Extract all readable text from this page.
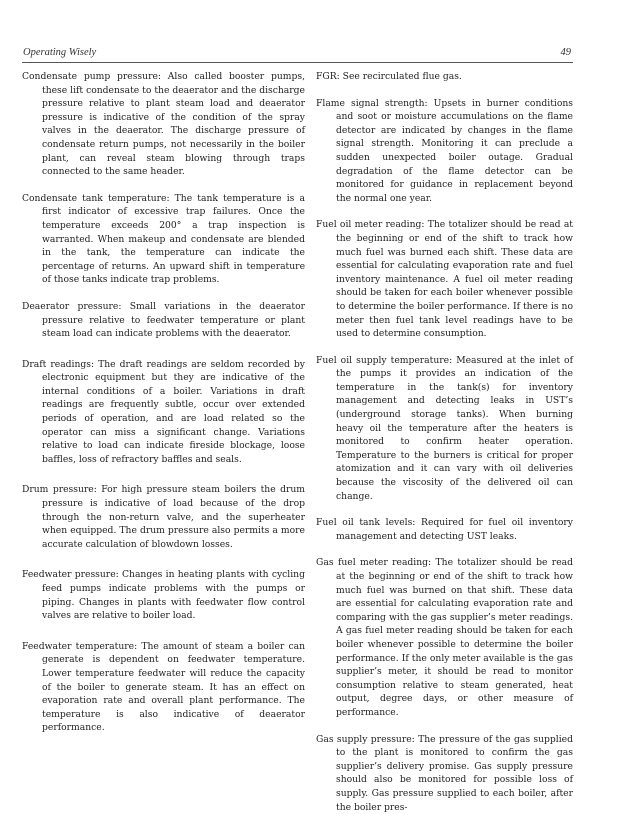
Operating Wisely	49

Condensate pump pressure: Also called booster pumps, these lift condensate to the deaerator and the discharge pressure relative to plant steam load and deaerator pressure is indicative of the condition of the spray valves in the deaerator. The discharge pressure of condensate return pumps, not necessarily in the boiler plant, can reveal steam blowing through traps connected to the same header.

Condensate tank temperature: The tank temperature is a first indicator of excessive trap failures. Once the temperature exceeds 200° a trap inspection is warranted. When makeup and condensate are blended in the tank, the temperature can indicate the percentage of returns. An upward shift in temperature of those tanks indicate trap problems.

Deaerator pressure: Small variations in the deaerator pressure relative to feedwater temperature or plant steam load can indicate problems with the deaerator.

Draft readings: The draft readings are seldom recorded by electronic equipment but they are indicative of the internal conditions of a boiler. Variations in draft readings are frequently subtle, occur over extended periods of operation, and are load related so the operator can miss a significant change. Variations relative to load can indicate fireside blockage, loose baffles, loss of refractory baffles and seals.

Drum pressure: For high pressure steam boilers the drum pressure is indicative of load because of the drop through the non-return valve, and the superheater when equipped. The drum pressure also permits a more accurate calculation of blowdown losses.

Feedwater pressure: Changes in heating plants with cycling feed pumps indicate problems with the pumps or piping. Changes in plants with feedwater flow control valves are relative to boiler load.

Feedwater temperature: The amount of steam a boiler can generate is dependent on feedwater temperature. Lower temperature feedwater will reduce the capacity of the boiler to generate steam. It has an effect on evaporation rate and overall plant performance. The temperature is also indicative of deaerator performance.

FGR: See recirculated flue gas.

Flame signal strength: Upsets in burner conditions and soot or moisture accumulations on the flame detector are indicated by changes in the flame signal strength. Monitoring it can preclude a sudden unexpected boiler outage. Gradual degradation of the flame detector can be monitored for guidance in replacement beyond the normal one year.

Fuel oil meter reading: The totalizer should be read at the beginning or end of the shift to track how much fuel was burned each shift. These data are essential for calculating evaporation rate and fuel inventory maintenance. A fuel oil meter reading should be taken for each boiler whenever possible to determine the boiler performance. If there is no meter then fuel tank level readings have to be used to determine consumption.

Fuel oil supply temperature: Measured at the inlet of the pumps it provides an indication of the temperature in the tank(s) for inventory management and detecting leaks in UST’s (underground storage tanks). When burning heavy oil the temperature after the heaters is monitored to confirm heater operation. Temperature to the burners is critical for proper atomization and it can vary with oil deliveries because the viscosity of the delivered oil can change.

Fuel oil tank levels: Required for fuel oil inventory management and detecting UST leaks.

Gas fuel meter reading: The totalizer should be read at the beginning or end of the shift to track how much fuel was burned on that shift. These data are essential for calculating evaporation rate and comparing with the gas supplier’s meter readings. A gas fuel meter reading should be taken for each boiler whenever possible to determine the boiler performance. If the only meter available is the gas supplier’s meter, it should be read to monitor consumption relative to steam generated, heat output, degree days, or other measure of performance.

Gas supply pressure: The pressure of the gas supplied to the plant is monitored to confirm the gas supplier’s delivery promise. Gas supply pressure should also be monitored for possible loss of supply. Gas pressure supplied to each boiler, after the boiler pres-
